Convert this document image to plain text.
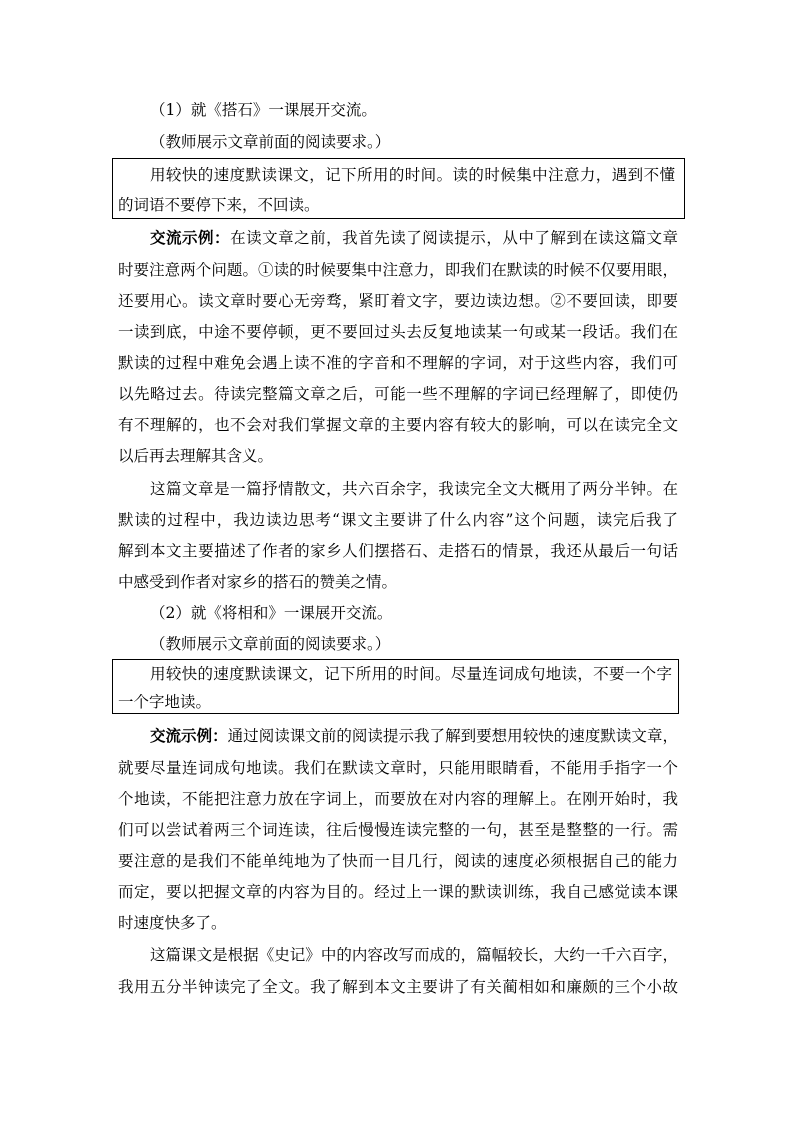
（1）就《搭石》一课展开交流。
（教师展示文章前面的阅读要求。）
用较快的速度默读课文，记下所用的时间。读的时候集中注意力，遇到不懂
的词语不要停下来，不回读。
交流示例：在读文章之前，我首先读了阅读提示，从中了解到在读这篇文章
时要注意两个问题。①读的时候要集中注意力，即我们在默读的时候不仅要用眼，
还要用心。读文章时要心无旁骛，紧盯着文字，要边读边想。②不要回读，即要
一读到底，中途不要停顿，更不要回过头去反复地读某一句或某一段话。我们在
默读的过程中难免会遇上读不准的字音和不理解的字词，对于这些内容，我们可
以先略过去。待读完整篇文章之后，可能一些不理解的字词已经理解了，即使仍
有不理解的，也不会对我们掌握文章的主要内容有较大的影响，可以在读完全文
以后再去理解其含义。
这篇文章是一篇抒情散文，共六百余字，我读完全文大概用了两分半钟。在
默读的过程中，我边读边思考“课文主要讲了什么内容”这个问题，读完后我了
解到本文主要描述了作者的家乡人们摆搭石、走搭石的情景，我还从最后一句话
中感受到作者对家乡的搭石的赞美之情。
（2）就《将相和》一课展开交流。
（教师展示文章前面的阅读要求。）
用较快的速度默读课文，记下所用的时间。尽量连词成句地读，不要一个字
一个字地读。
交流示例：通过阅读课文前的阅读提示我了解到要想用较快的速度默读文章，
就要尽量连词成句地读。我们在默读文章时，只能用眼睛看，不能用手指字一个
个地读，不能把注意力放在字词上，而要放在对内容的理解上。在刚开始时，我
们可以尝试着两三个词连读，往后慢慢连读完整的一句，甚至是整整的一行。需
要注意的是我们不能单纯地为了快而一目几行，阅读的速度必须根据自己的能力
而定，要以把握文章的内容为目的。经过上一课的默读训练，我自己感觉读本课
时速度快多了。
这篇课文是根据《史记》中的内容改写而成的，篇幅较长，大约一千六百字，
我用五分半钟读完了全文。我了解到本文主要讲了有关蔺相如和廉颇的三个小故
